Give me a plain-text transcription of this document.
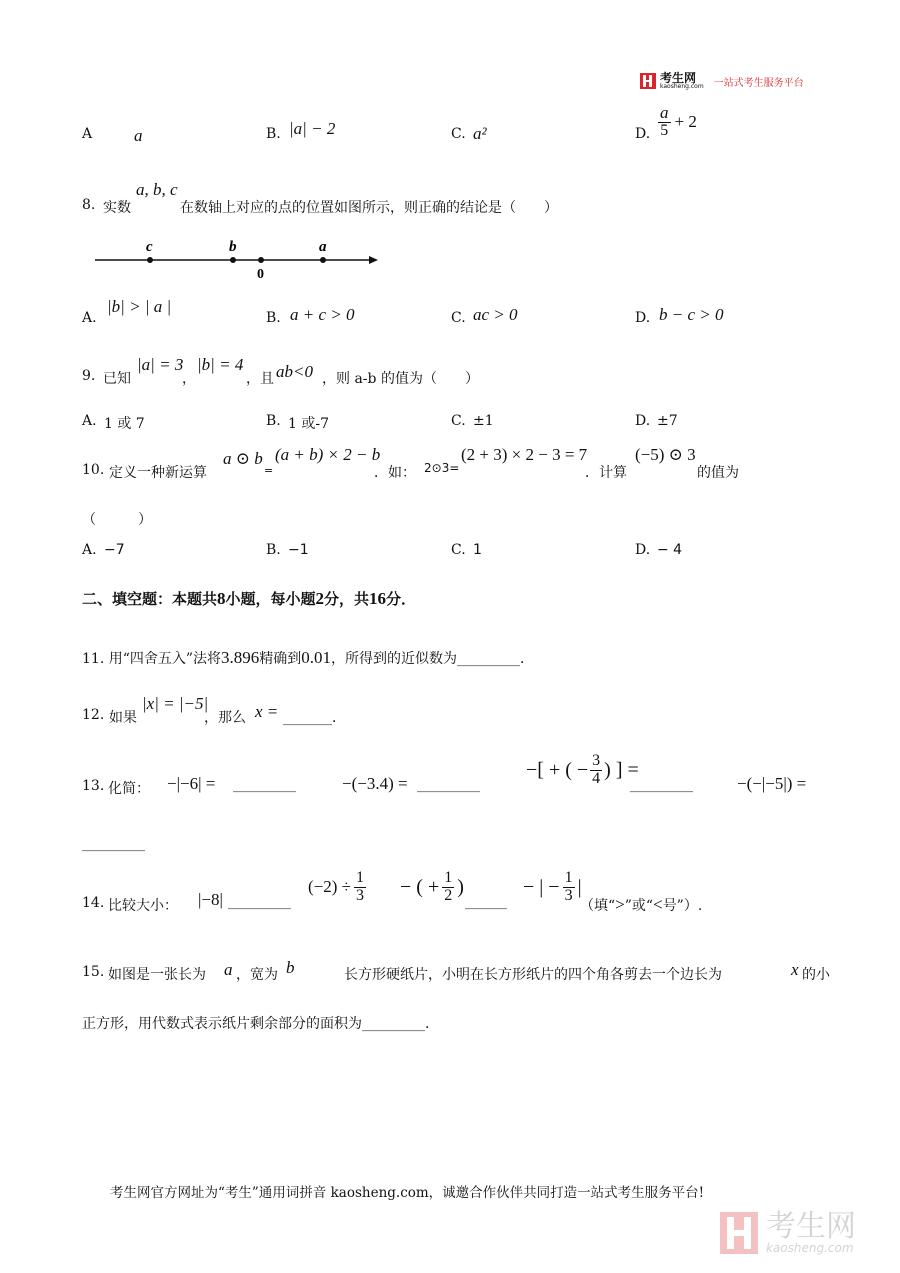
考生网
kaosheng.com 一站式考生服务平台
A a	B. |a| − 2	C. a²	D. $\frac{a}{5} + 2$
8. 实数
a, b, c
在数轴上对应的点的位置如图所示，则正确的结论是（　　）
c	b	a
0
A.
|b| > | a |
B. a + c > 0	C. ac > 0	D. b − c > 0
9. 已知
|a| = 3
，
|b| = 4
，且 ab<0 ，则 a-b 的值为（　　）
A. 1 或 7	B. 1 或-7	C. ±1	D. ±7
10. 定义一种新运算
a ⊙ b
=
(a + b) × 2 − b
．如： 2⊙3=
(2 + 3) × 2 − 3 = 7
．计算
(−5) ⊙ 3
的值为
（　　　）
A. −7	B. −1	C. 1	D. − 4
二、填空题：本题共8小题，每小题2分，共16分．
11. 用“四舍五入”法将3.896精确到0.01，所得到的近似数为_________．
12. 如果
|x| = |−5|
，那么 x = _______．
13. 化简： −|−6| = _________	−(−3.4) = _________
−[ + ( − $\frac{3}{4}$ ) ] =
_________	−(−|−5|) =
_________
14. 比较大小： |−8| _________
$(-2) \div \frac{1}{3}$ − ( + $\frac{1}{2}$ )
______
− | − $\frac{1}{3}$ |
（填“>”或“<号”）.
15. 如图是一张长为 a ，宽为 b	长方形硬纸片，小明在长方形纸片的四个角各剪去一个边长为	x 的小
正方形，用代数式表示纸片剩余部分的面积为_________．
考生网官方网址为“考生”通用词拼音 kaosheng.com，诚邀合作伙伴共同打造一站式考生服务平台!
考生网
kaosheng.com
